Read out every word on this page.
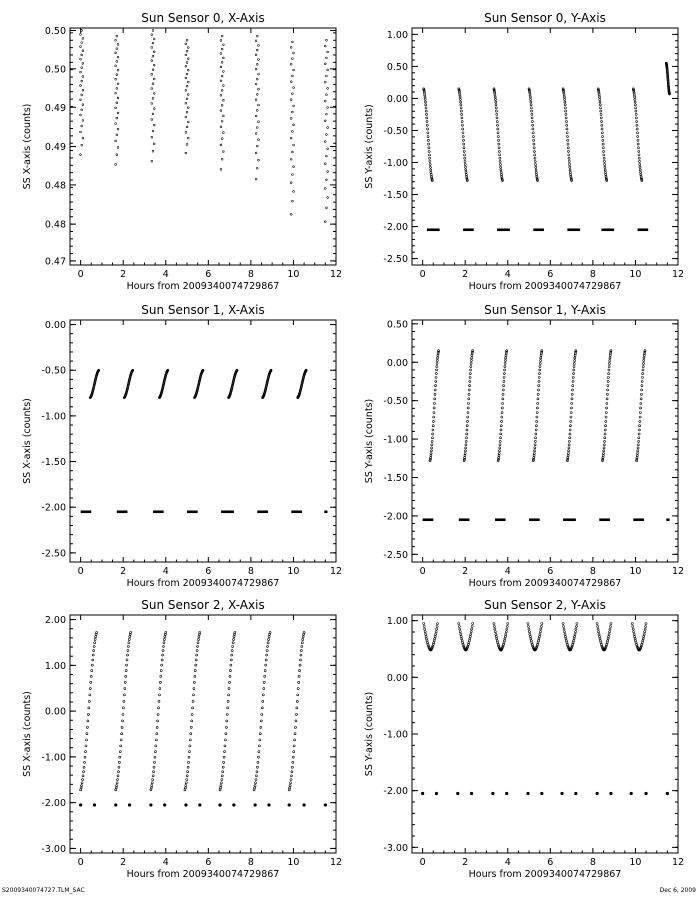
Sun Sensor 0, X-Axis
0	2	4	6	8	10	12
0.47
0.48
0.48
0.49
0.49
0.50
0.50
Hours from 2009340074729867
SS X-axis (counts)
Sun Sensor 0, Y-Axis
0	2	4	6	8	10	12
-2.50
-2.00
-1.50
-1.00
-0.50
0.00
0.50
1.00
Hours from 2009340074729867
SS Y-axis (counts)
Sun Sensor 1, X-Axis
0	2	4	6	8	10	12
-2.50
-2.00
-1.50
-1.00
-0.50
0.00
Hours from 2009340074729867
SS X-axis (counts)
Sun Sensor 1, Y-Axis
0	2	4	6	8	10	12
-2.50
-2.00
-1.50
-1.00
-0.50
0.00
0.50
Hours from 2009340074729867
SS Y-axis (counts)
Sun Sensor 2, X-Axis
0	2	4	6	8	10	12
-3.00
-2.00
-1.00
0.00
1.00
2.00
Hours from 2009340074729867
SS X-axis (counts)
Sun Sensor 2, Y-Axis
0	2	4	6	8	10	12
-3.00
-2.00
-1.00
0.00
1.00
Hours from 2009340074729867
SS Y-axis (counts)
S2009340074727.TLM_SAC	Dec 6, 2009
